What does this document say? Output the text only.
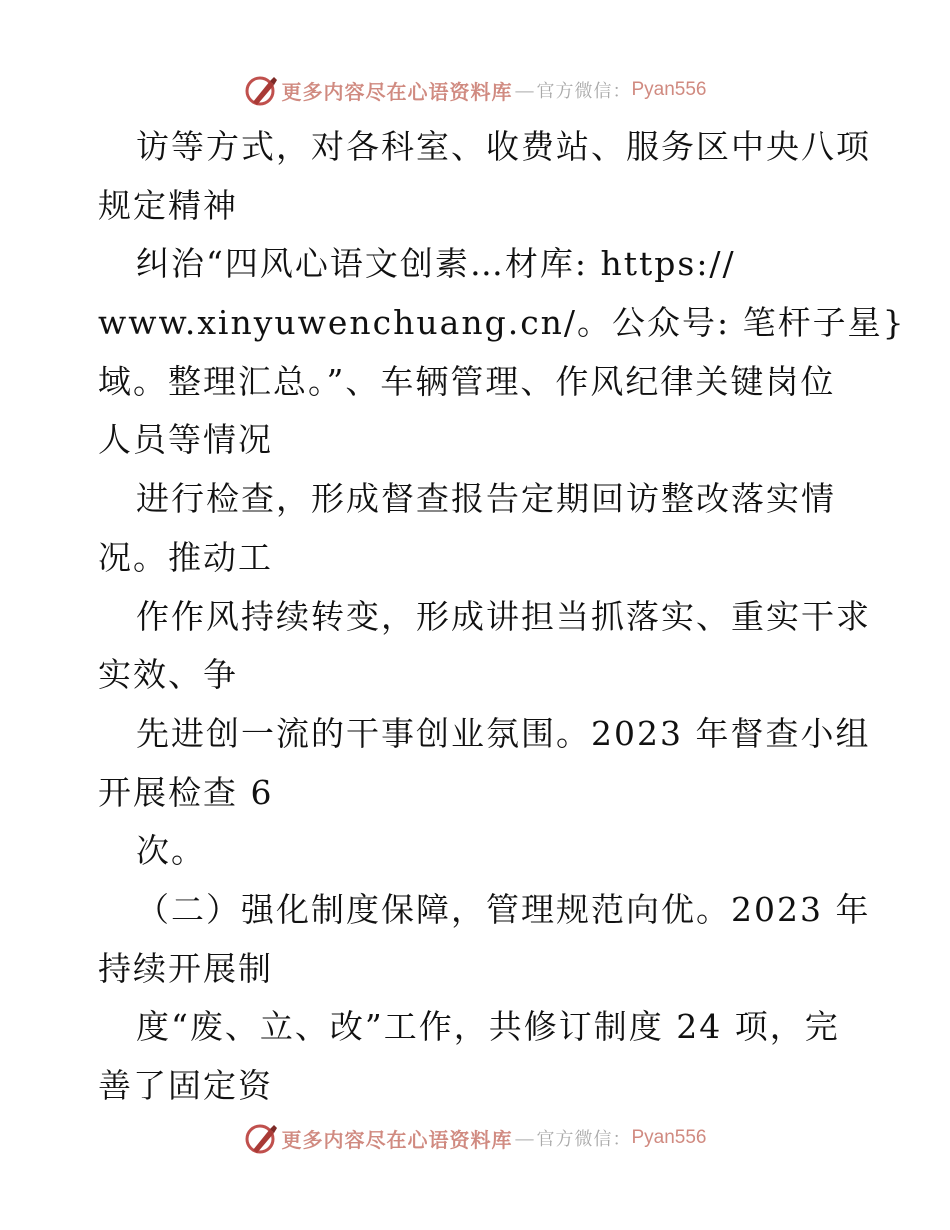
更多内容尽在心语资料库 — 官方微信： Pyan556
访等方式，对各科室、收费站、服务区中央八项
规定精神
纠治“四风心语文创素…材库: https://
www.xinyuwenchuang.cn/。公众号: 笔杆子星}
域。整理汇总。”、车辆管理、作风纪律关键岗位
人员等情况
进行检查，形成督查报告定期回访整改落实情
况。推动工
作作风持续转变，形成讲担当抓落实、重实干求
实效、争
先进创一流的干事创业氛围。2023 年督查小组
开展检查 6
次。
（二）强化制度保障，管理规范向优。2023 年
持续开展制
度“废、立、改”工作，共修订制度 24 项，完
善了固定资
更多内容尽在心语资料库 — 官方微信： Pyan556
